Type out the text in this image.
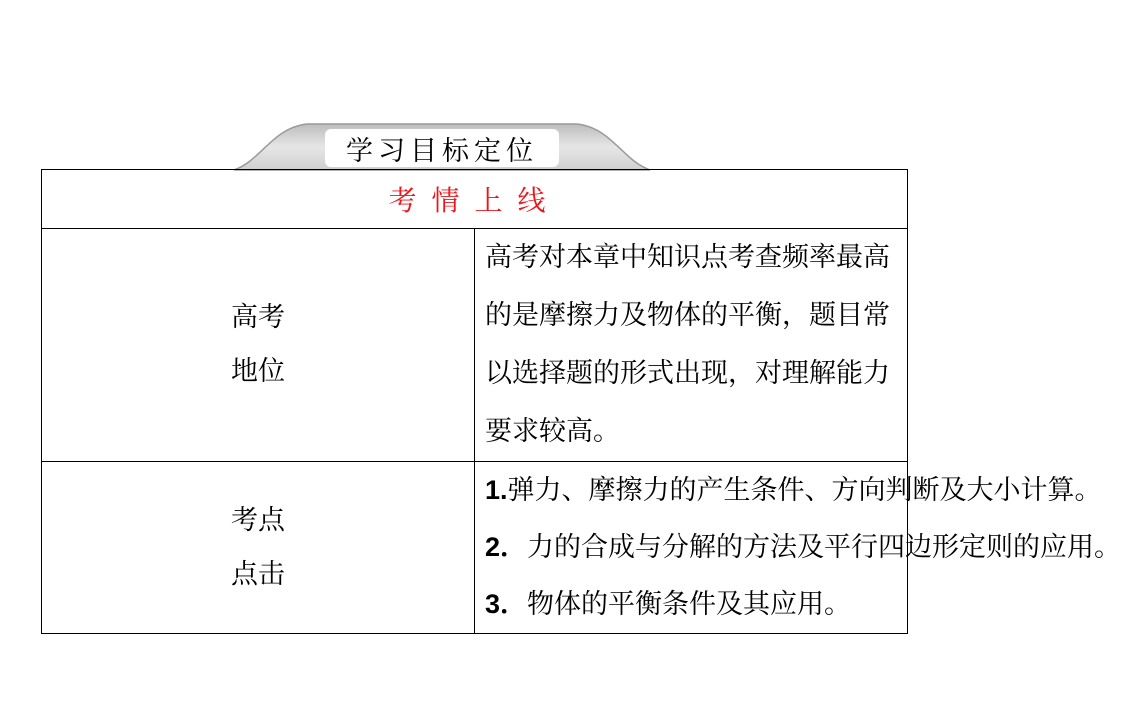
学习目标定位
考情上线	

高考
地位	高考对本章中知识点考查频率最高的是摩擦力及物体的平衡，题目常以选择题的形式出现，对理解能力要求较高。

考点
点击	1.弹力、摩擦力的产生条件、方向判断及大小计算。
2．力的合成与分解的方法及平行四边形定则的应用。
3．物体的平衡条件及其应用。
